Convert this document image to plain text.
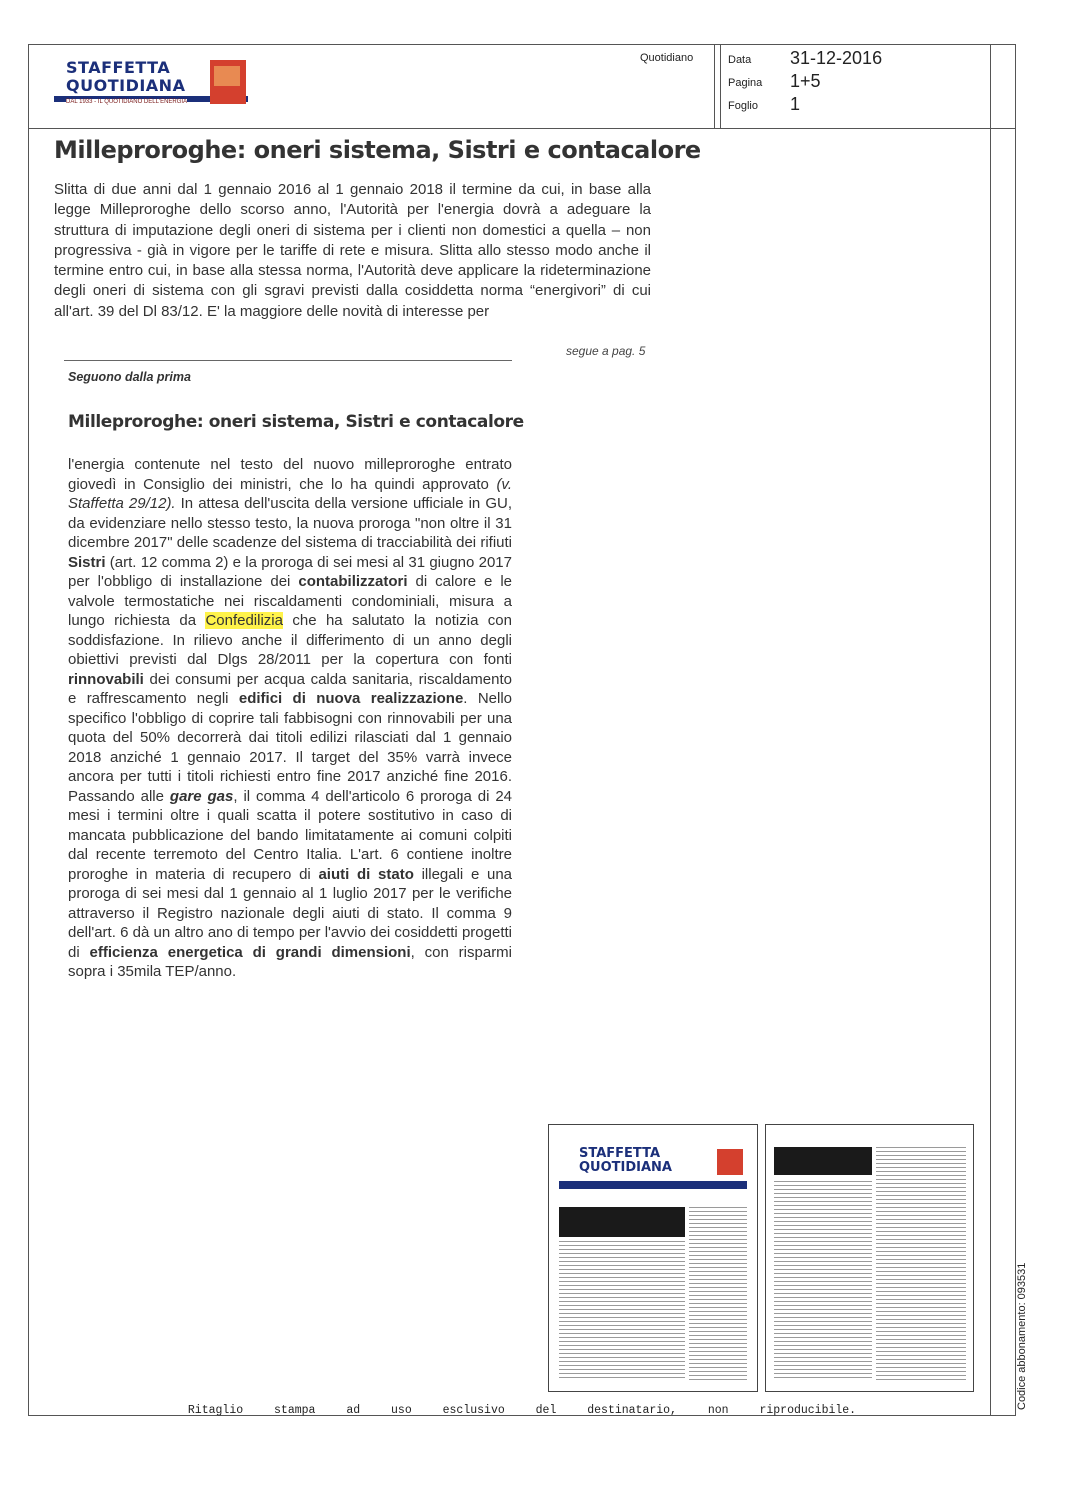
STAFFETTA
QUOTIDIANA
DAL 1933 - IL QUOTIDIANO DELL'ENERGIA
Quotidiano	Data 31-12-2016
Pagina 1+5
Foglio 1
Milleproroghe: oneri sistema, Sistri e contacalore

Slitta di due anni dal 1 gennaio 2016 al 1 gennaio 2018 il termine da cui, in base alla legge Milleproroghe dello scorso anno, l'Autorità per l'energia dovrà a adeguare la struttura di imputazione degli oneri di sistema per i clienti non domestici a quella – non progressiva - già in vigore per le tariffe di rete e misura. Slitta allo stesso modo anche il termine entro cui, in base alla stessa norma, l'Autorità deve applicare la rideterminazione degli oneri di sistema con gli sgravi previsti dalla cosiddetta norma “energivori” di cui all'art. 39 del Dl 83/12. E' la maggiore delle novità di interesse per

segue a pag. 5
Seguono dalla prima
Milleproroghe: oneri sistema, Sistri e contacalore

l'energia contenute nel testo del nuovo milleproroghe entrato giovedì in Consiglio dei ministri, che lo ha quindi approvato (v. Staffetta 29/12). In attesa dell'uscita della versione ufficiale in GU, da evidenziare nello stesso testo, la nuova proroga "non oltre il 31 dicembre 2017" delle scadenze del sistema di tracciabilità dei rifiuti Sistri (art. 12 comma 2) e la proroga di sei mesi al 31 giugno 2017 per l'obbligo di installazione dei contabilizzatori di calore e le valvole termostatiche nei riscaldamenti condominiali, misura a lungo richiesta da Confedilizia che ha salutato la notizia con soddisfazione. In rilievo anche il differimento di un anno degli obiettivi previsti dal Dlgs 28/2011 per la copertura con fonti rinnovabili dei consumi per acqua calda sanitaria, riscaldamento e raffrescamento negli edifici di nuova realizzazione. Nello specifico l'obbligo di coprire tali fabbisogni con rinnovabili per una quota del 50% decorrerà dai titoli edilizi rilasciati dal 1 gennaio 2018 anziché 1 gennaio 2017. Il target del 35% varrà invece ancora per tutti i titoli richiesti entro fine 2017 anziché fine 2016. Passando alle gare gas, il comma 4 dell'articolo 6 proroga di 24 mesi i termini oltre i quali scatta il potere sostitutivo in caso di mancata pubblicazione del bando limitatamente ai comuni colpiti dal recente terremoto del Centro Italia. L'art. 6 contiene inoltre proroghe in materia di recupero di aiuti di stato illegali e una proroga di sei mesi dal 1 gennaio al 1 luglio 2017 per le verifiche attraverso il Registro nazionale degli aiuti di stato. Il comma 9 dell'art. 6 dà un altro ano di tempo per l'avvio dei cosiddetti progetti di efficienza energetica di grandi dimensioni, con risparmi sopra i 35mila TEP/anno.

STAFFETTA
QUOTIDIANA
Ritaglio stampa ad uso esclusivo del destinatario, non riproducibile.
Codice abbonamento: 093531
